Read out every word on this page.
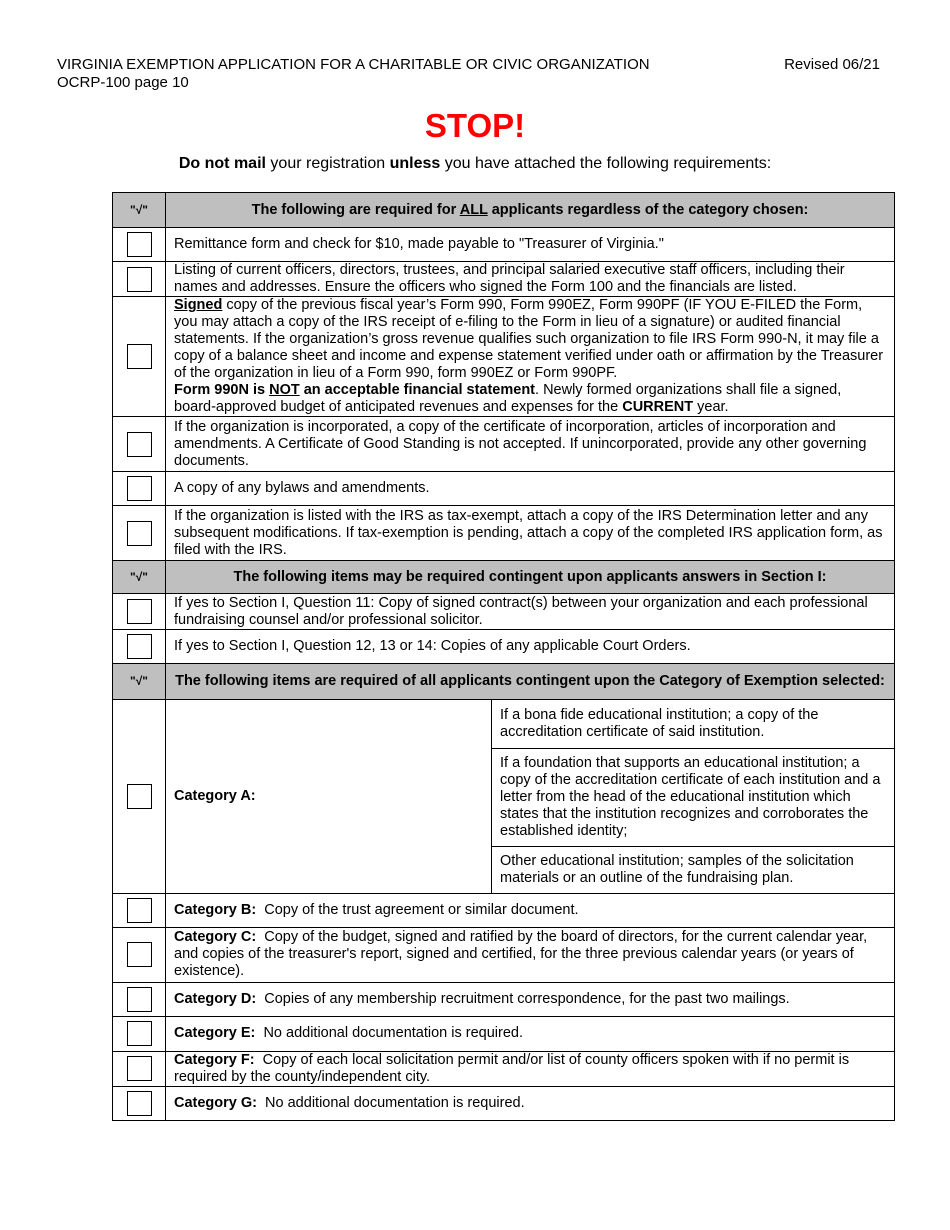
VIRGINIA EXEMPTION APPLICATION FOR A CHARITABLE OR CIVIC ORGANIZATION
OCRP-100 page 10
Revised 06/21
STOP!
Do not mail your registration unless you have attached the following requirements:
"√"	The following are required for ALL applicants regardless of the category chosen:

	Remittance form and check for $10, made payable to "Treasurer of Virginia."

	Listing of current officers, directors, trustees, and principal salaried executive staff officers, including their names and addresses. Ensure the officers who signed the Form 100 and the financials are listed.

	Signed copy of the previous fiscal year’s Form 990, Form 990EZ, Form 990PF (IF YOU E-FILED the Form, you may attach a copy of the IRS receipt of e-filing to the Form in lieu of a signature) or audited financial statements. If the organization’s gross revenue qualifies such organization to file IRS Form 990-N, it may file a copy of a balance sheet and income and expense statement verified under oath or affirmation by the Treasurer of the organization in lieu of a Form 990, form 990EZ or Form 990PF.
Form 990N is NOT an acceptable financial statement. Newly formed organizations shall file a signed, board-approved budget of anticipated revenues and expenses for the CURRENT year.

	If the organization is incorporated, a copy of the certificate of incorporation, articles of incorporation and amendments. A Certificate of Good Standing is not accepted. If unincorporated, provide any other governing documents.

	A copy of any bylaws and amendments.

	If the organization is listed with the IRS as tax-exempt, attach a copy of the IRS Determination letter and any subsequent modifications. If tax-exemption is pending, attach a copy of the completed IRS application form, as filed with the IRS.
"√"	The following items may be required contingent upon applicants answers in Section I:

	If yes to Section I, Question 11: Copy of signed contract(s) between your organization and each professional fundraising counsel and/or professional solicitor.

	If yes to Section I, Question 12, 13 or 14: Copies of any applicable Court Orders.
"√"	The following items are required of all applicants contingent upon the Category of Exemption selected:

Category A:	If a bona fide educational institution; a copy of the accreditation certificate of said institution.
If a foundation that supports an educational institution; a copy of the accreditation certificate of each institution and a letter from the head of the educational institution which states that the institution recognizes and corroborates the established identity;
Other educational institution; samples of the solicitation materials or an outline of the fundraising plan.

	Category B:  Copy of the trust agreement or similar document.

	Category C:  Copy of the budget, signed and ratified by the board of directors, for the current calendar year, and copies of the treasurer's report, signed and certified, for the three previous calendar years (or years of existence).

	Category D:  Copies of any membership recruitment correspondence, for the past two mailings.

	Category E:  No additional documentation is required.

	Category F:  Copy of each local solicitation permit and/or list of county officers spoken with if no permit is required by the county/independent city.

	Category G:  No additional documentation is required.
